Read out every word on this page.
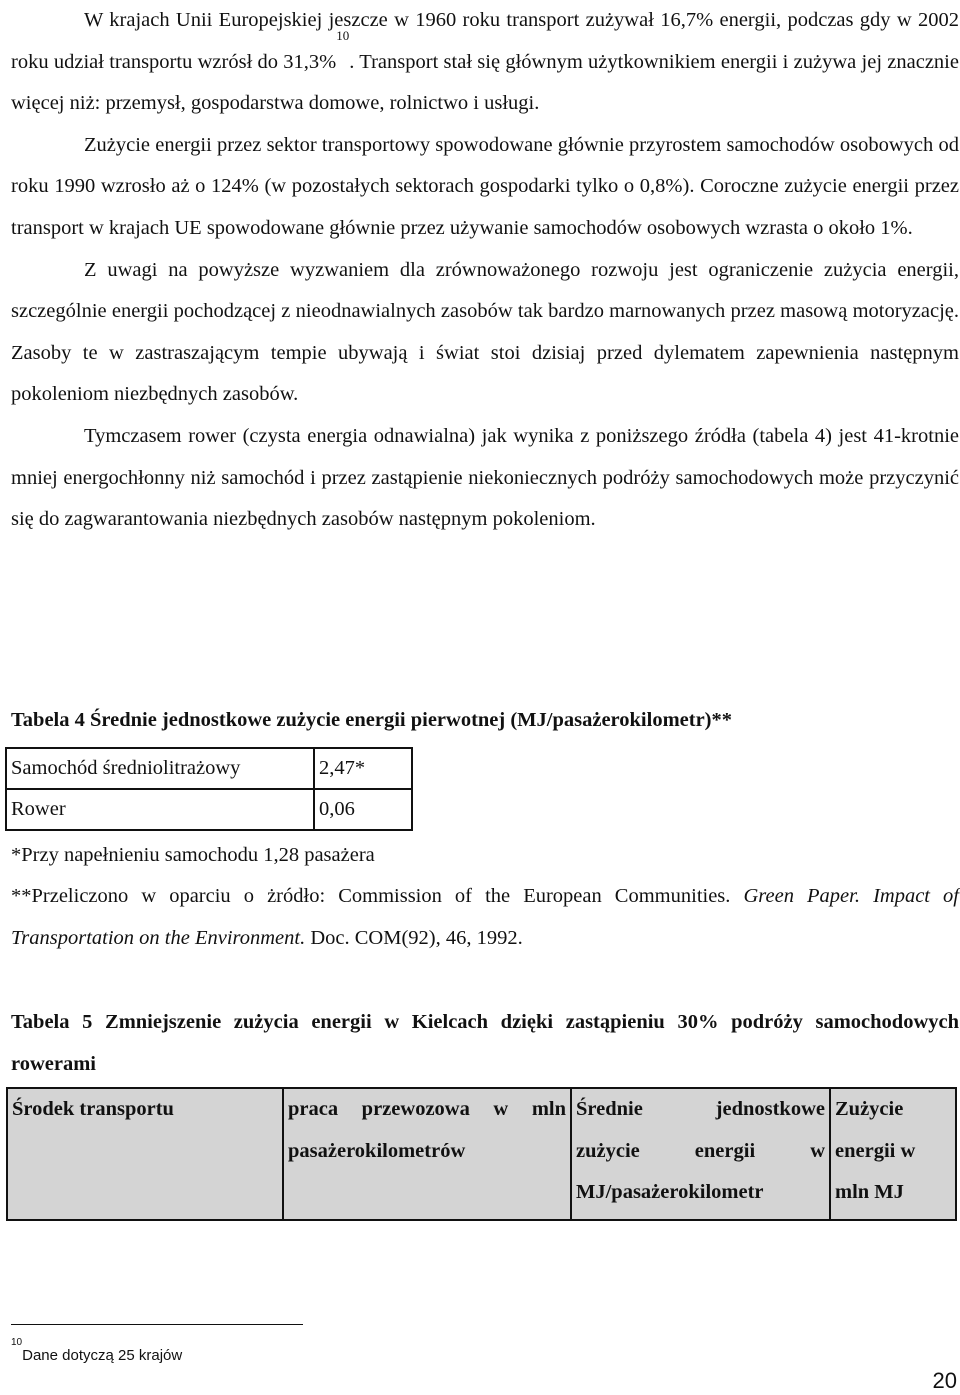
W krajach Unii Europejskiej jeszcze w 1960 roku transport zużywał 16,7% energii, podczas gdy w 2002 roku udział transportu wzrósł do 31,3%$^{10}$. Transport stał się głównym użytkownikiem energii i zużywa jej znacznie więcej niż: przemysł, gospodarstwa domowe, rolnictwo i usługi.

Zużycie energii przez sektor transportowy spowodowane głównie przyrostem samochodów osobowych od roku 1990 wzrosło aż o 124% (w pozostałych sektorach gospodarki tylko o 0,8%). Coroczne zużycie energii przez transport w krajach UE spowodowane głównie przez używanie samochodów osobowych wzrasta o około 1%.

Z uwagi na powyższe wyzwaniem dla zrównoważonego rozwoju jest ograniczenie zużycia energii, szczególnie energii pochodzącej z nieodnawialnych zasobów tak bardzo marnowanych przez masową motoryzację. Zasoby te w zastraszającym tempie ubywają i świat stoi dzisiaj przed dylematem zapewnienia następnym pokoleniom niezbędnych zasobów.

Tymczasem rower (czysta energia odnawialna) jak wynika z poniższego źródła (tabela 4) jest 41-krotnie mniej energochłonny niż samochód i przez zastąpienie niekoniecznych podróży samochodowych może przyczynić się do zagwarantowania niezbędnych zasobów następnym pokoleniom.

Tabela 4 Średnie jednostkowe zużycie energii pierwotnej (MJ/pasażerokilometr)**
Samochód średniolitrażowy	2,47*
Rower	0,06
*Przy napełnieniu samochodu 1,28 pasażera
**Przeliczono w oparciu o żródło: Commission of the European Communities. Green Paper. Impact of Transportation on the Environment. Doc. COM(92), 46, 1992.
Tabela 5 Zmniejszenie zużycia energii w Kielcach dzięki zastąpieniu 30% podróży samochodowych rowerami
Środek transportu	praca przewozowa w mln pasażerokilometrów	Średnie jednostkowe zużycie energii w MJ/pasażerokilometr	Zużycie energii w mln MJ
$^{10}$Dane dotyczą 25 krajów
20
